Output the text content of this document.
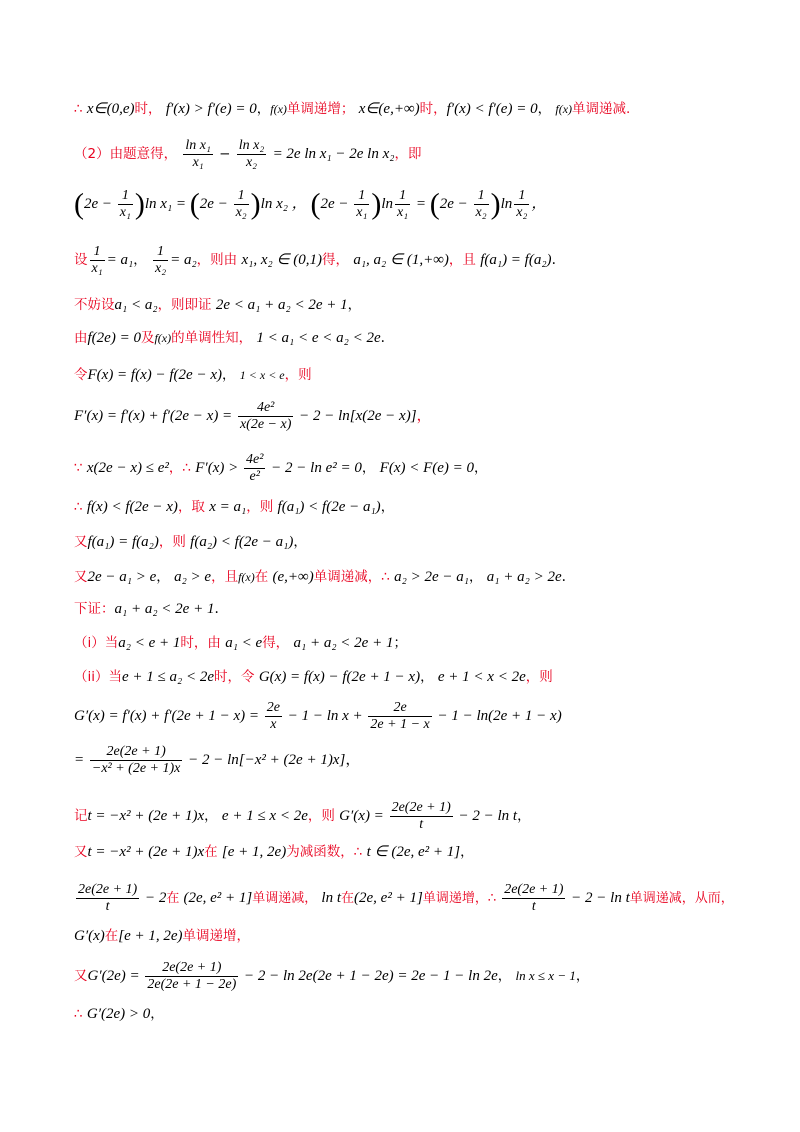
∴ x∈(0,e)时， f′(x) > f′(e) = 0，f(x)单调递增； x∈(e,+∞)时，f′(x) < f′(e) = 0， f(x)单调递减.
（2）由题意得， $\frac{\text{ln x₁}}{\text{x₁}} - \frac{\text{ln x₂}}{\text{x₂}} = 2e$ ln x₁ − 2e ln x₂，即
$(2e - \frac{1}{\text{x₁}} )\ln$ $x_1 = (2e - \frac{1}{\text{x₂}} )\ln$ x₂ ， $(2e - \frac{1}{\text{x₁}} )\ln \frac{1}{\text{x₁}} = (2e - \frac{1}{\text{x₂}} )\ln \frac{1}{\text{x₂}}$ ，
设 $\frac{1}{\text{x₁}} = a_1$， $\frac{1}{\text{x₂}} = a_2$，则由 x₁, x₂ ∈ (0,1)得， a₁, a₂ ∈ (1,+∞)，且 f(a₁) = f(a₂).
不妨设a₁ < a₂，则即证 2e < a₁ + a₂ < 2e + 1，
由f(2e) = 0及f(x)的单调性知， 1 < a₁ < e < a₂ < 2e.
令F(x) = f(x) − f(2e − x)， 1 < x < e，则
$F'(x) = f'(x) + f'(2e - x) = \frac{\text{4e²}}{x(2e - x)} - 2 - \ln[x(2e - x)]$，
∵ x(2e − x) ≤ e²，∴ $F'(x) > \frac{\text{4e²}}{\text{e²}} - 2 - \ln e^2 = 0$， F(x) < F(e) = 0，
∴ f(x) < f(2e − x)，取 x = a₁，则 f(a₁) < f(2e − a₁)，
又f(a₁) = f(a₂)，则 f(a₂) < f(2e − a₁)，
又2e − a₁ > e， a₂ > e，且f(x)在 (e,+∞)单调递减，∴ a₂ > 2e − a₁， a₁ + a₂ > 2e.
下证：a₁ + a₂ < 2e + 1.
（i）当a₂ < e + 1时，由 a₁ < e得， a₁ + a₂ < 2e + 1；
（ii）当e + 1 ≤ a₂ < 2e时，令 G(x) = f(x) − f(2e + 1 − x)， e + 1 < x < 2e，则
$G'(x) = f'(x) + f'(2e + 1 - x) = \frac{2e}{x} - 1 - \ln x + \frac{2e}{2e + 1 - x} - 1 - \ln(2e + 1 - x)$
= $\frac{2e(2e + 1)}{\text{−x² + (2e + 1)x}} - 2 - \ln[-x^2 + (2e + 1)x]$，
记t = −x² + (2e + 1)x， e + 1 ≤ x < 2e，则 $G'(x) = \frac{2e(2e + 1)}{t} - 2 - \ln t$，
又t = −x² + (2e + 1)x在 [e + 1, 2e)为减函数，∴ t ∈ (2e, e² + 1]，
$\frac{2e(2e + 1)}{t} - 2$在 (2e, e² + 1]单调递减， ln t在(2e, e² + 1]单调递增，∴ $\frac{2e(2e + 1)}{t} - 2 - \ln t$单调递减，从而，
G′(x)在[e + 1, 2e)单调递增，
又$G'(2e) = \frac{2e(2e + 1)}{2e(2e + 1 - 2e)} - 2 - \ln 2e(2e + 1 - 2e) = 2e - 1 - \ln 2e$， ln x ≤ x − 1，
∴ G′(2e) > 0，
